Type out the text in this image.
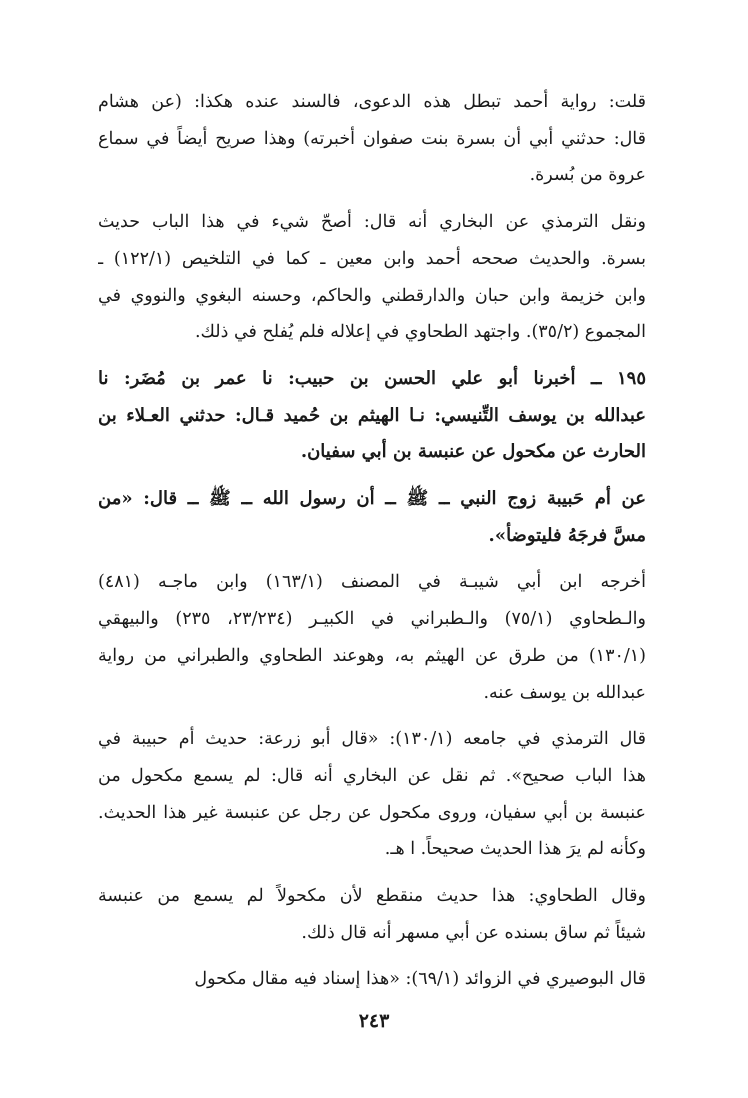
قلت: رواية أحمد تبطل هذه الدعوى، فالسند عنده هكذا: (عن هشام
قال: حدثني أبي أن بسرة بنت صفوان أخبرته) وهذا صريح أيضاً في سماع
عروة من بُسرة.
ونقل الترمذي عن البخاري أنه قال: أصحّ شيء في هذا الباب حديث
بسرة. والحديث صححه أحمد وابن معين ـ كما في التلخيص (١٢٢/١) ـ
وابن خزيمة وابن حبان والدارقطني والحاكم، وحسنه البغوي والنووي في
المجموع (٣٥/٢). واجتهد الطحاوي في إعلاله فلم يُفلح في ذلك.
١٩٥ ــ أخبرنا أبو علي الحسن بن حبيب: نا عمر بن مُضَر: نا
عبدالله بن يوسف التِّنيسي: نـا الهيثم بن حُميد قـال: حدثني العـلاء بن
الحارث عن مكحول عن عنبسة بن أبي سفيان.
عن أم حَبيبة زوج النبي ــ ﷺ ــ أن رسول الله ــ ﷺ ــ قال: «من
مسَّ فرجَهُ فليتوضأ».
أخرجه ابن أبي شيبـة في المصنف (١٦٣/١) وابن ماجـه (٤٨١)
والـطحاوي (٧٥/١) والـطبراني في الكبيـر (٢٣/٢٣٤، ٢٣٥) والبيهقي
(١٣٠/١) من طرق عن الهيثم به، وهوعند الطحاوي والطبراني من رواية
عبدالله بن يوسف عنه.
قال الترمذي في جامعه (١٣٠/١): «قال أبو زرعة: حديث أم حبيبة في
هذا الباب صحيح». ثم نقل عن البخاري أنه قال: لم يسمع مكحول من
عنبسة بن أبي سفيان، وروى مكحول عن رجل عن عنبسة غير هذا الحديث.
وكأنه لم يرَ هذا الحديث صحيحاً. ا هـ.
وقال الطحاوي: هذا حديث منقطع لأن مكحولاً لم يسمع من عنبسة
شيئاً ثم ساق بسنده عن أبي مسهر أنه قال ذلك.
قال البوصيري في الزوائد (٦٩/١): «هذا إسناد فيه مقال مكحول
٢٤٣
